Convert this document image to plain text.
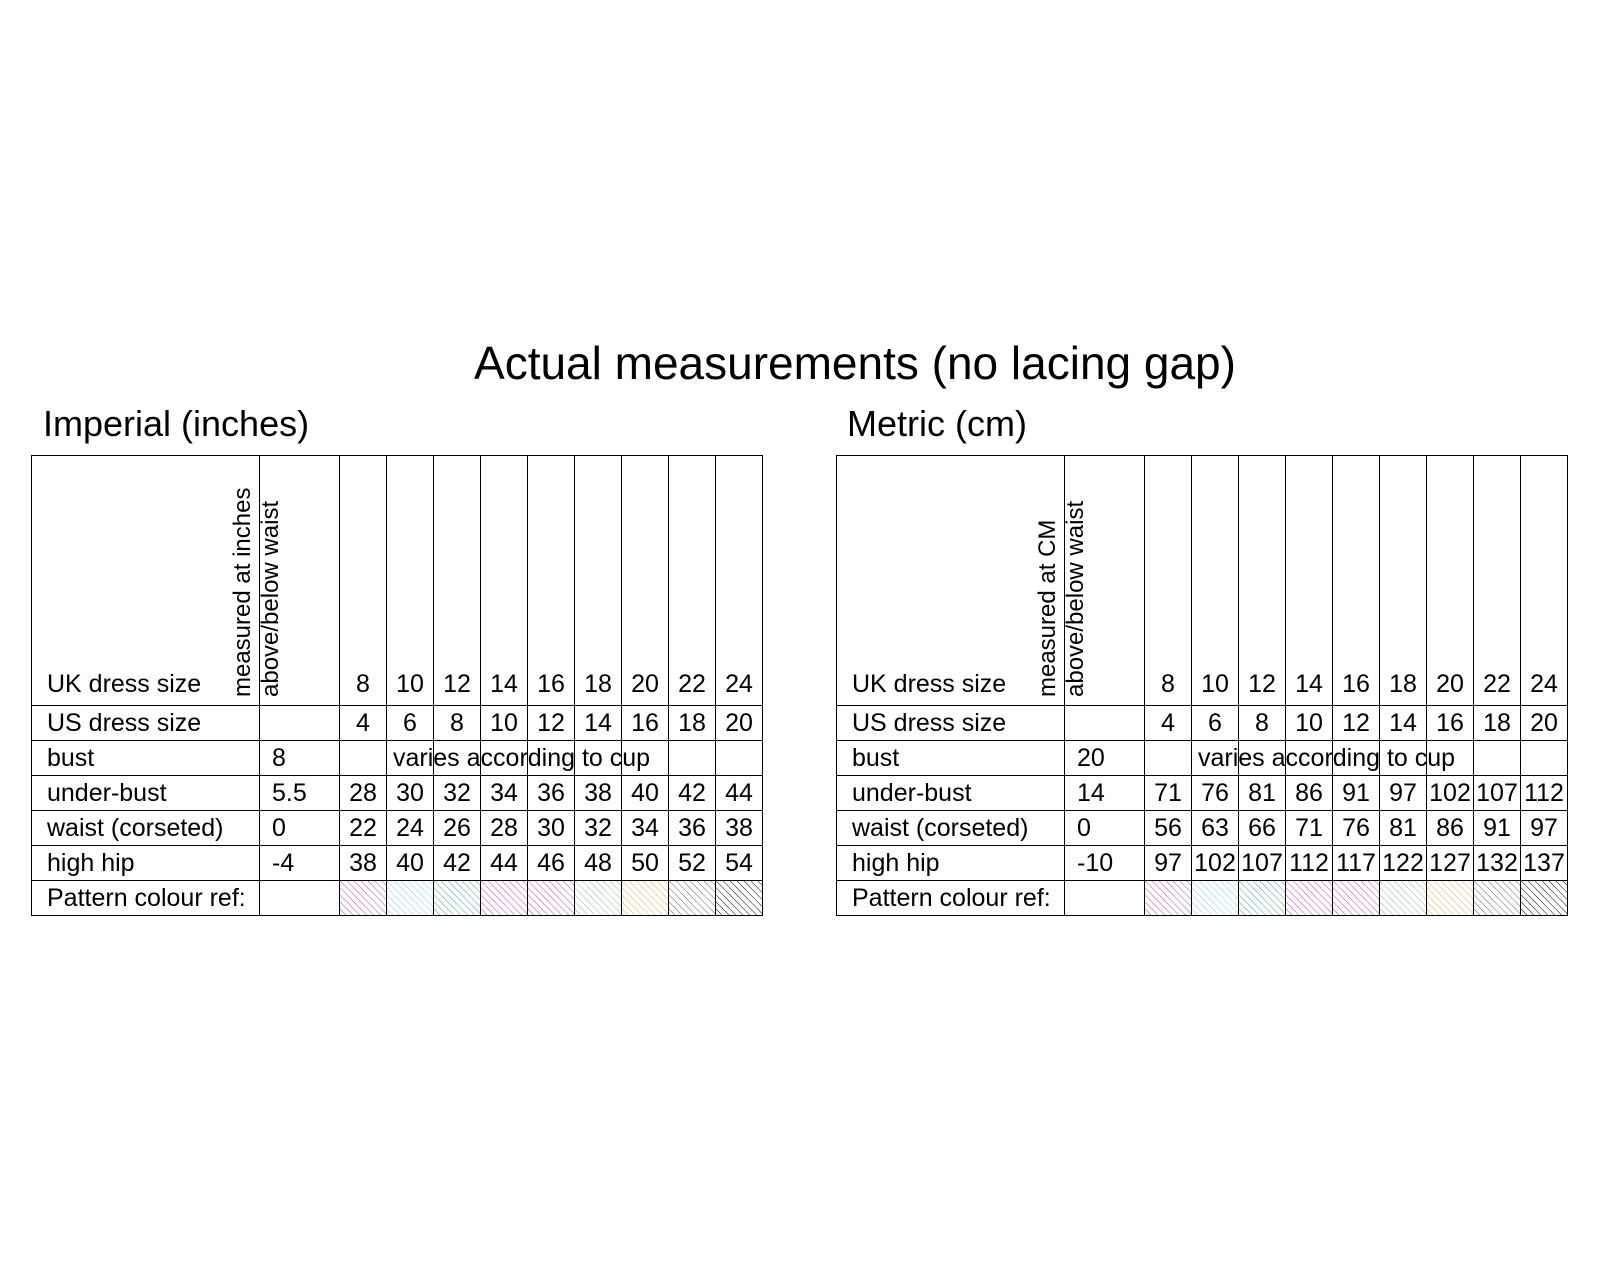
Actual measurements (no lacing gap)
Imperial (inches)	Metric (cm)
UK dress size	measured at inches above/below waist	8	10	12	14	16	18	20	22	24
US dress size		4	6	8	10	12	14	16	18	20
bust	8		varies according to cup							

under-bust	5.5	28	30	32	34	36	38	40	42	44
waist (corseted)	0	22	24	26	28	30	32	34	36	38
high hip	-4	38	40	42	44	46	48	50	52	54
Pattern colour ref:		

UK dress size	measured at CM above/below waist	8	10	12	14	16	18	20	22	24
US dress size		4	6	8	10	12	14	16	18	20
bust	20		varies according to cup							

under-bust	14	71	76	81	86	91	97	102	107	112
waist (corseted)	0	56	63	66	71	76	81	86	91	97
high hip	-10	97	102	107	112	117	122	127	132	137
Pattern colour ref:		
